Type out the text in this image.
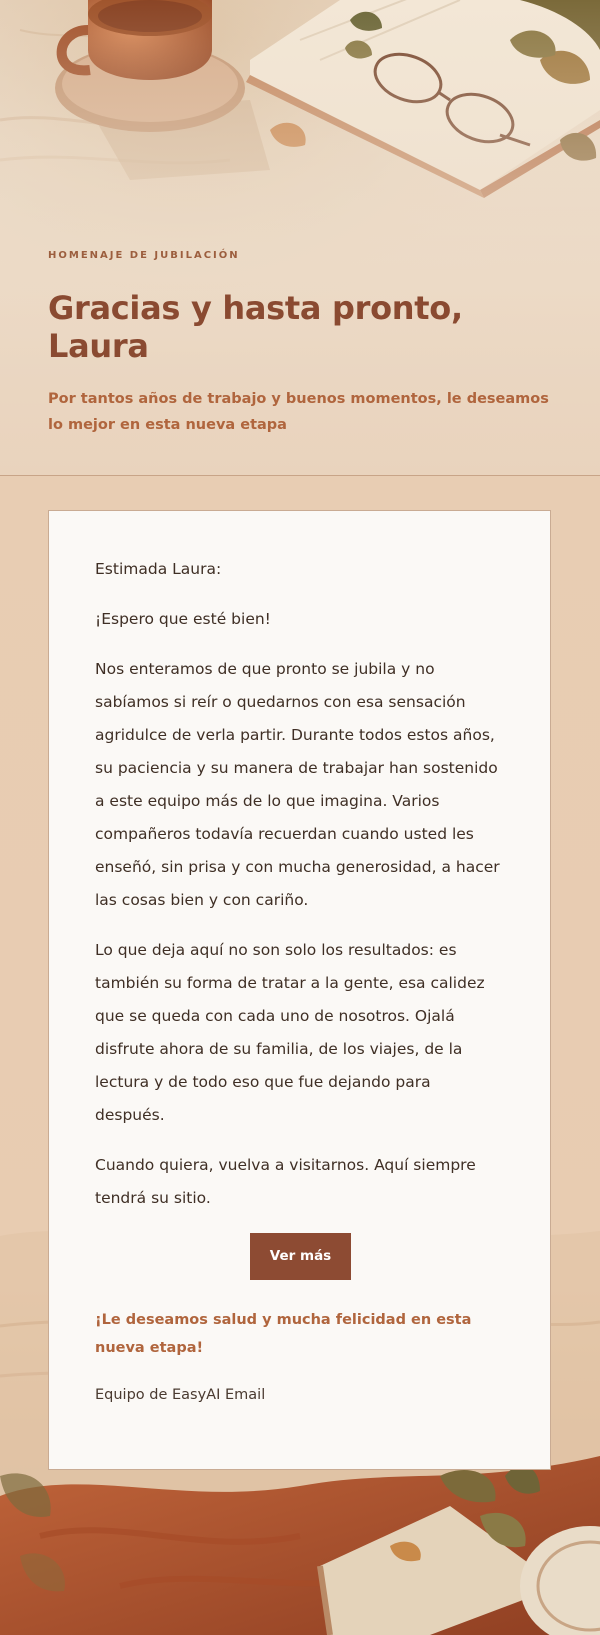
HOMENAJE DE JUBILACIÓN

Gracias y hasta pronto, Laura

Por tantos años de trabajo y buenos momentos, le deseamos lo mejor en esta nueva etapa

Estimada Laura:

¡Espero que esté bien!

Nos enteramos de que pronto se jubila y no sabíamos si reír o quedarnos con esa sensación agridulce de verla partir. Durante todos estos años, su paciencia y su manera de trabajar han sostenido a este equipo más de lo que imagina. Varios compañeros todavía recuerdan cuando usted les enseñó, sin prisa y con mucha generosidad, a hacer las cosas bien y con cariño.

Lo que deja aquí no son solo los resultados: es también su forma de tratar a la gente, esa calidez que se queda con cada uno de nosotros. Ojalá disfrute ahora de su familia, de los viajes, de la lectura y de todo eso que fue dejando para después.

Cuando quiera, vuelva a visitarnos. Aquí siempre tendrá su sitio.

Ver más

¡Le deseamos salud y mucha felicidad en esta nueva etapa!

Equipo de EasyAI Email
